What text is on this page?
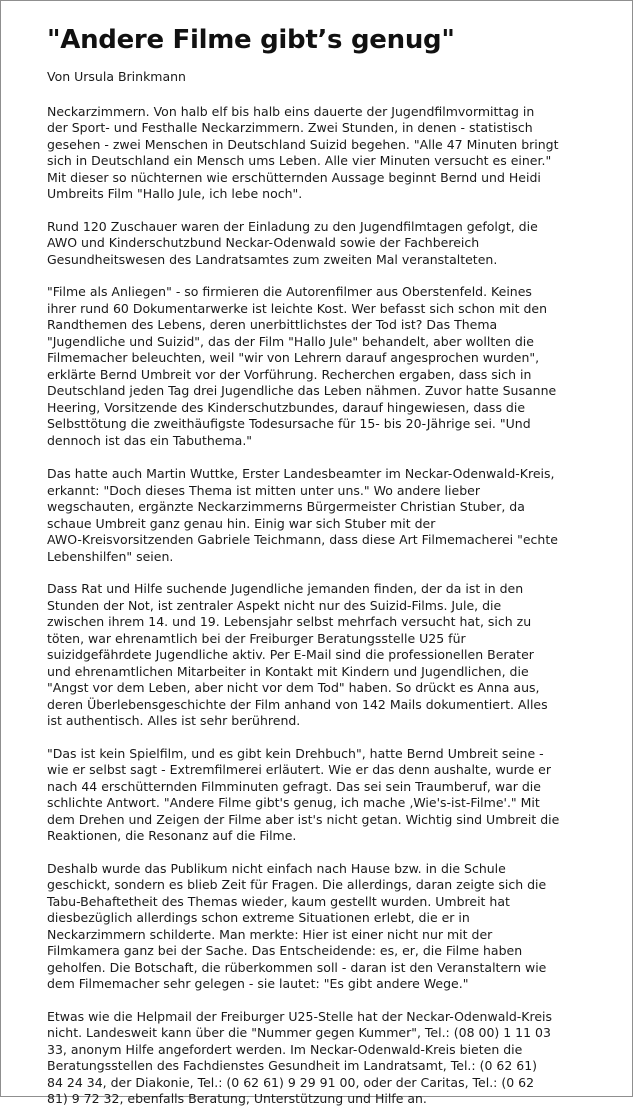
"Andere Filme gibt’s genug"

Von Ursula Brinkmann

Neckarzimmern. Von halb elf bis halb eins dauerte der Jugendfilmvormittag in
der Sport- und Festhalle Neckarzimmern. Zwei Stunden, in denen - statistisch
gesehen - zwei Menschen in Deutschland Suizid begehen. "Alle 47 Minuten bringt
sich in Deutschland ein Mensch ums Leben. Alle vier Minuten versucht es einer."
Mit dieser so nüchternen wie erschütternden Aussage beginnt Bernd und Heidi
Umbreits Film "Hallo Jule, ich lebe noch".

Rund 120 Zuschauer waren der Einladung zu den Jugendfilmtagen gefolgt, die
AWO und Kinderschutzbund Neckar-Odenwald sowie der Fachbereich
Gesundheitswesen des Landratsamtes zum zweiten Mal veranstalteten.

"Filme als Anliegen" - so firmieren die Autorenfilmer aus Oberstenfeld. Keines
ihrer rund 60 Dokumentarwerke ist leichte Kost. Wer befasst sich schon mit den
Randthemen des Lebens, deren unerbittlichstes der Tod ist? Das Thema
"Jugendliche und Suizid", das der Film "Hallo Jule" behandelt, aber wollten die
Filmemacher beleuchten, weil "wir von Lehrern darauf angesprochen wurden",
erklärte Bernd Umbreit vor der Vorführung. Recherchen ergaben, dass sich in
Deutschland jeden Tag drei Jugendliche das Leben nähmen. Zuvor hatte Susanne
Heering, Vorsitzende des Kinderschutzbundes, darauf hingewiesen, dass die
Selbsttötung die zweithäufigste Todesursache für 15- bis 20-Jährige sei. "Und
dennoch ist das ein Tabuthema."

Das hatte auch Martin Wuttke, Erster Landesbeamter im Neckar-Odenwald-Kreis,
erkannt: "Doch dieses Thema ist mitten unter uns." Wo andere lieber
wegschauten, ergänzte Neckarzimmerns Bürgermeister Christian Stuber, da
schaue Umbreit ganz genau hin. Einig war sich Stuber mit der
AWO-Kreisvorsitzenden Gabriele Teichmann, dass diese Art Filmemacherei "echte
Lebenshilfen" seien.

Dass Rat und Hilfe suchende Jugendliche jemanden finden, der da ist in den
Stunden der Not, ist zentraler Aspekt nicht nur des Suizid-Films. Jule, die
zwischen ihrem 14. und 19. Lebensjahr selbst mehrfach versucht hat, sich zu
töten, war ehrenamtlich bei der Freiburger Beratungsstelle U25 für
suizidgefährdete Jugendliche aktiv. Per E-Mail sind die professionellen Berater
und ehrenamtlichen Mitarbeiter in Kontakt mit Kindern und Jugendlichen, die
"Angst vor dem Leben, aber nicht vor dem Tod" haben. So drückt es Anna aus,
deren Überlebensgeschichte der Film anhand von 142 Mails dokumentiert. Alles
ist authentisch. Alles ist sehr berührend.

"Das ist kein Spielfilm, und es gibt kein Drehbuch", hatte Bernd Umbreit seine -
wie er selbst sagt - Extremfilmerei erläutert. Wie er das denn aushalte, wurde er
nach 44 erschütternden Filmminuten gefragt. Das sei sein Traumberuf, war die
schlichte Antwort. "Andere Filme gibt's genug, ich mache ‚Wie's-ist-Filme'." Mit
dem Drehen und Zeigen der Filme aber ist's nicht getan. Wichtig sind Umbreit die
Reaktionen, die Resonanz auf die Filme.

Deshalb wurde das Publikum nicht einfach nach Hause bzw. in die Schule
geschickt, sondern es blieb Zeit für Fragen. Die allerdings, daran zeigte sich die
Tabu-Behaftetheit des Themas wieder, kaum gestellt wurden. Umbreit hat
diesbezüglich allerdings schon extreme Situationen erlebt, die er in
Neckarzimmern schilderte. Man merkte: Hier ist einer nicht nur mit der
Filmkamera ganz bei der Sache. Das Entscheidende: es, er, die Filme haben
geholfen. Die Botschaft, die rüberkommen soll - daran ist den Veranstaltern wie
dem Filmemacher sehr gelegen - sie lautet: "Es gibt andere Wege."

Etwas wie die Helpmail der Freiburger U25-Stelle hat der Neckar-Odenwald-Kreis
nicht. Landesweit kann über die "Nummer gegen Kummer", Tel.: (08 00) 1 11 03
33, anonym Hilfe angefordert werden. Im Neckar-Odenwald-Kreis bieten die
Beratungsstellen des Fachdienstes Gesundheit im Landratsamt, Tel.: (0 62 61)
84 24 34, der Diakonie, Tel.: (0 62 61) 9 29 91 00, oder der Caritas, Tel.: (0 62
81) 9 72 32, ebenfalls Beratung, Unterstützung und Hilfe an.
